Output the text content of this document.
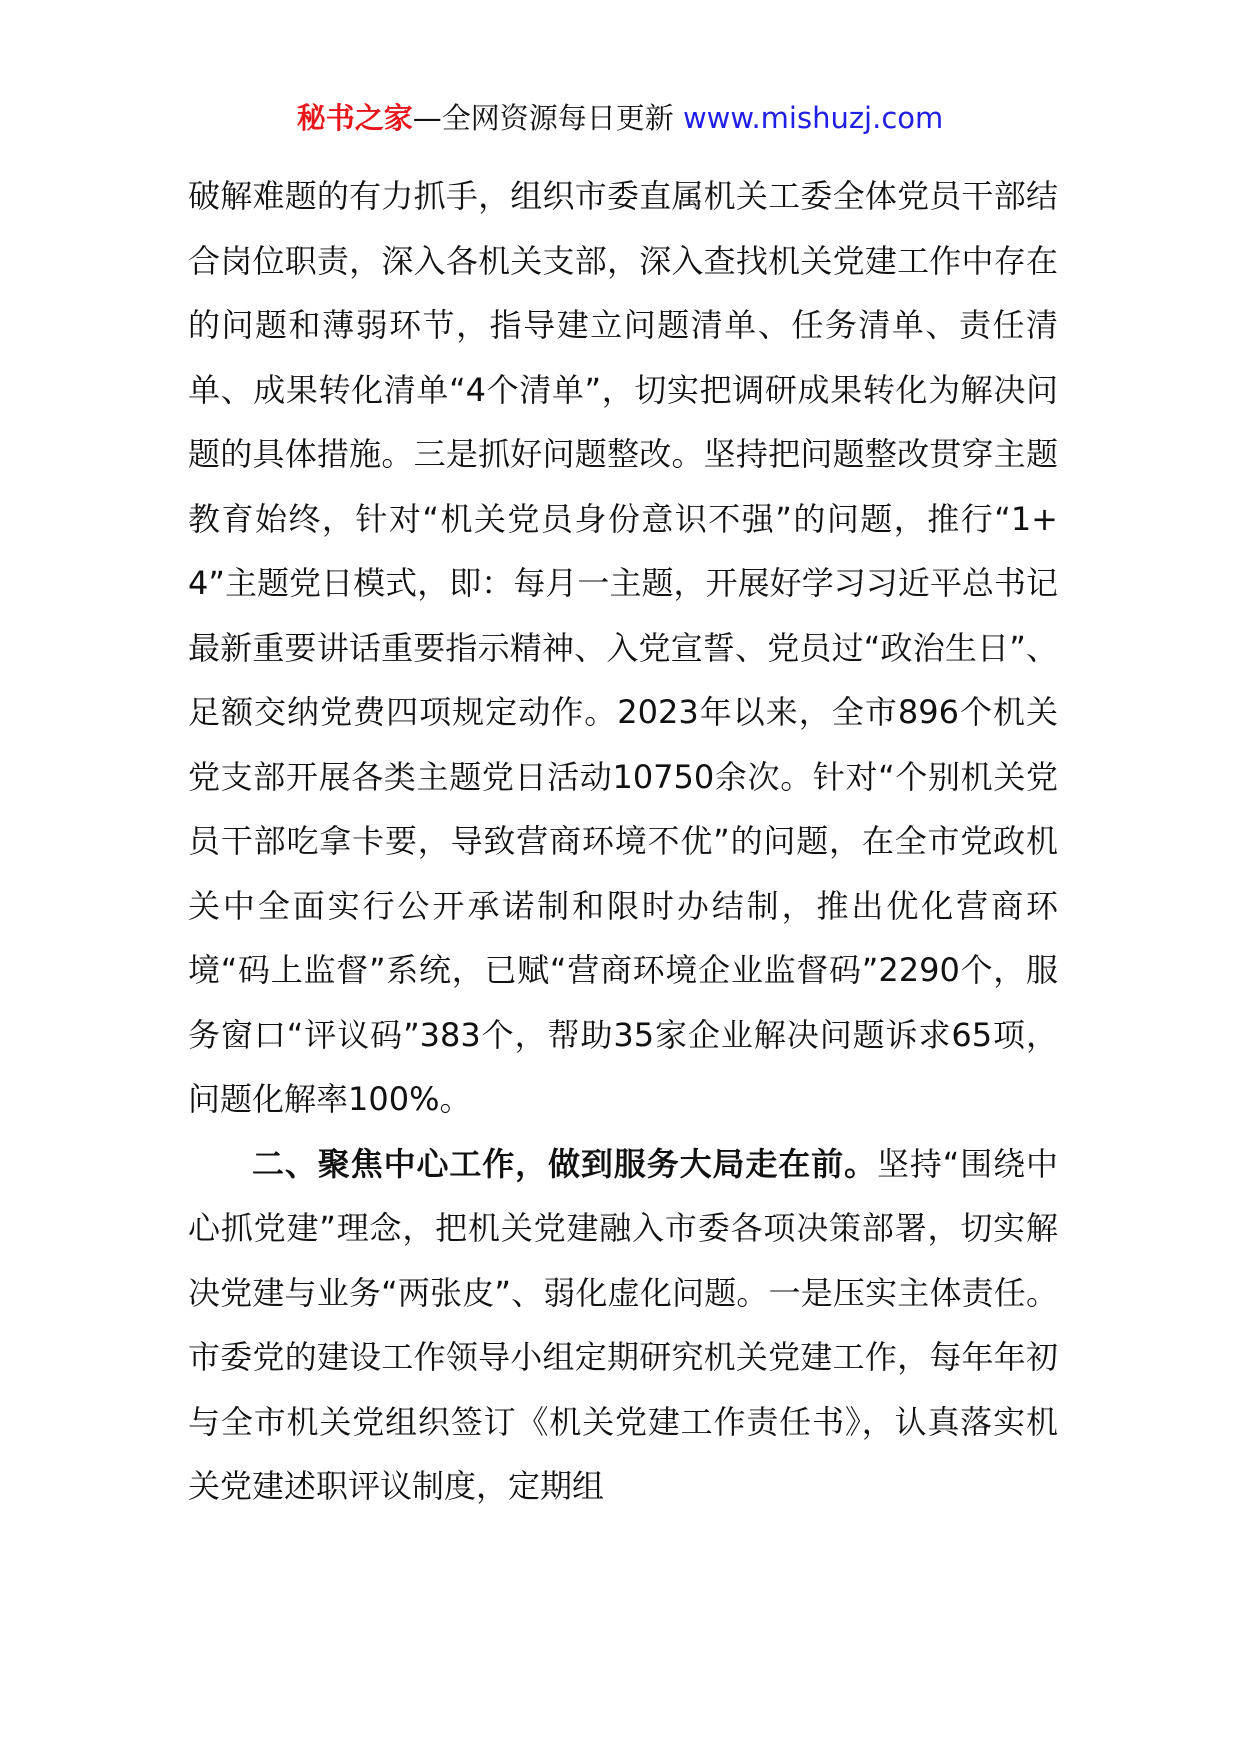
秘书之家—全网资源每日更新 www.mishuzj.com

破解难题的有力抓手，组织市委直属机关工委全体党员干部结合岗位职责，深入各机关支部，深入查找机关党建工作中存在的问题和薄弱环节，指导建立问题清单、任务清单、责任清单、成果转化清单“4个清单”，切实把调研成果转化为解决问题的具体措施。三是抓好问题整改。坚持把问题整改贯穿主题教育始终，针对“机关党员身份意识不强”的问题，推行“1+4”主题党日模式，即：每月一主题，开展好学习习近平总书记最新重要讲话重要指示精神、入党宣誓、党员过“政治生日”、足额交纳党费四项规定动作。2023年以来，全市896个机关党支部开展各类主题党日活动10750余次。针对“个别机关党员干部吃拿卡要，导致营商环境不优”的问题，在全市党政机关中全面实行公开承诺制和限时办结制，推出优化营商环境“码上监督”系统，已赋“营商环境企业监督码”2290个，服务窗口“评议码”383个，帮助35家企业解决问题诉求65项，问题化解率100%。

二、聚焦中心工作，做到服务大局走在前。坚持“围绕中心抓党建”理念，把机关党建融入市委各项决策部署，切实解决党建与业务“两张皮”、弱化虚化问题。一是压实主体责任。市委党的建设工作领导小组定期研究机关党建工作，每年年初与全市机关党组织签订《机关党建工作责任书》，认真落实机关党建述职评议制度，定期组
